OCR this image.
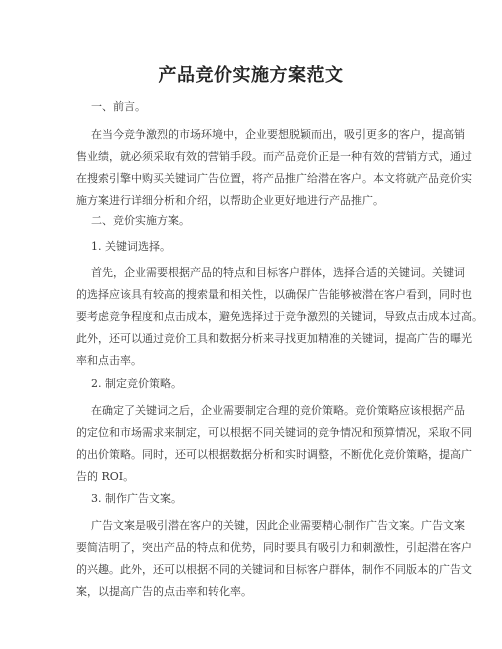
产品竞价实施方案范文
一、前言。
在当今竞争激烈的市场环境中，企业要想脱颖而出，吸引更多的客户，提高销
售业绩，就必须采取有效的营销手段。而产品竞价正是一种有效的营销方式，通过
在搜索引擎中购买关键词广告位置，将产品推广给潜在客户。本文将就产品竞价实
施方案进行详细分析和介绍，以帮助企业更好地进行产品推广。
二、竞价实施方案。
1. 关键词选择。
首先，企业需要根据产品的特点和目标客户群体，选择合适的关键词。关键词
的选择应该具有较高的搜索量和相关性，以确保广告能够被潜在客户看到，同时也
要考虑竞争程度和点击成本，避免选择过于竞争激烈的关键词，导致点击成本过高。
此外，还可以通过竞价工具和数据分析来寻找更加精准的关键词，提高广告的曝光
率和点击率。
2. 制定竞价策略。
在确定了关键词之后，企业需要制定合理的竞价策略。竞价策略应该根据产品
的定位和市场需求来制定，可以根据不同关键词的竞争情况和预算情况，采取不同
的出价策略。同时，还可以根据数据分析和实时调整，不断优化竞价策略，提高广
告的 ROI。
3. 制作广告文案。
广告文案是吸引潜在客户的关键，因此企业需要精心制作广告文案。广告文案
要简洁明了，突出产品的特点和优势，同时要具有吸引力和刺激性，引起潜在客户
的兴趣。此外，还可以根据不同的关键词和目标客户群体，制作不同版本的广告文
案，以提高广告的点击率和转化率。
